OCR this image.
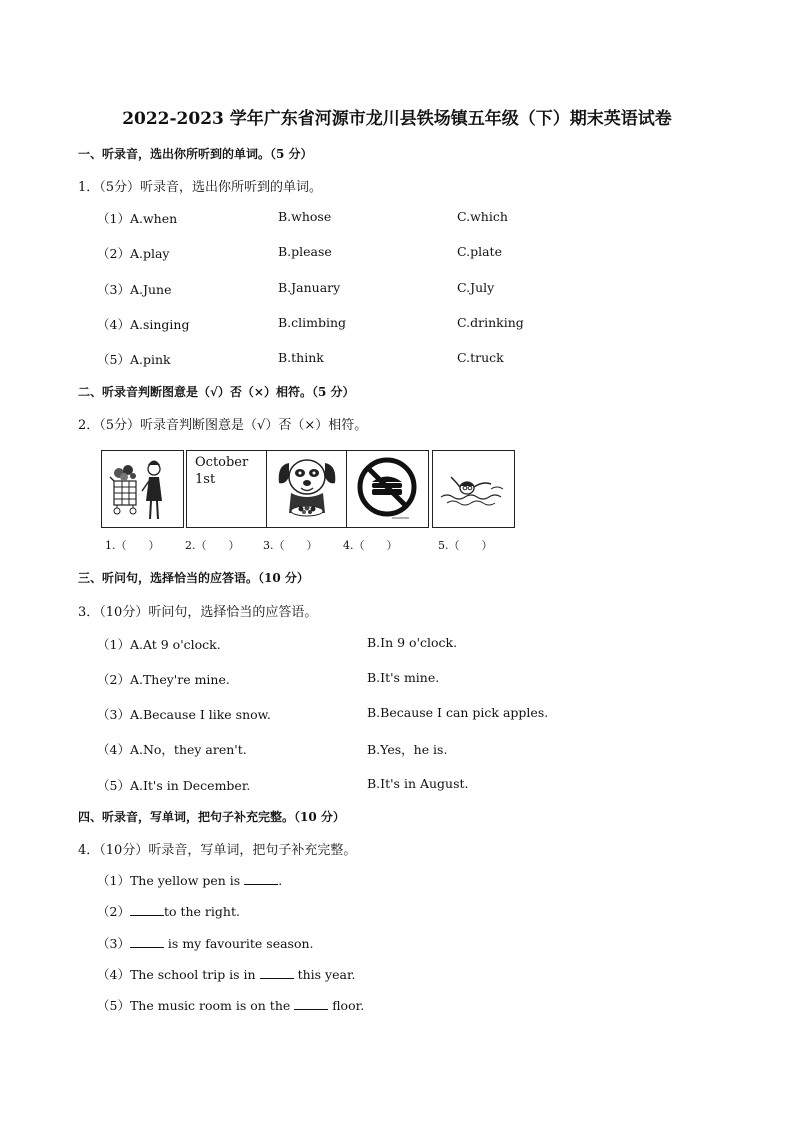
2022-2023 学年广东省河源市龙川县铁场镇五年级（下）期末英语试卷
一、听录音，选出你所听到的单词。（5 分）
1．（5分）听录音，选出你所听到的单词。
（1）A.when	B.whose	C.which
（2）A.play	B.please	C.plate
（3）A.June	B.January	C.July
（4）A.singing	B.climbing	C.drinking
（5）A.pink	B.think	C.truck
二、听录音判断图意是（√）否（×）相符。（5 分）
2．（5分）听录音判断图意是（√）否（×）相符。
October
1st
1.（　　） 2.（　　） 3.（　　） 4.（　　）	5.（　　）
三、听问句，选择恰当的应答语。（10 分）
3．（10分）听问句，选择恰当的应答语。
（1）A.At 9 o'clock.	B.In 9 o'clock.
（2）A.They're mine.	B.It's mine.
（3）A.Because I like snow.	B.Because I can pick apples.
（4）A.No，they aren't.	B.Yes，he is.
（5）A.It's in December.	B.It's in August.
四、听录音，写单词，把句子补充完整。（10 分）
4．（10分）听录音，写单词，把句子补充完整。
（1）The yellow pen is	.
（2）	to the right.
（3）	is my favourite season.
（4）The school trip is in	this year.
（5）The music room is on the	floor.
